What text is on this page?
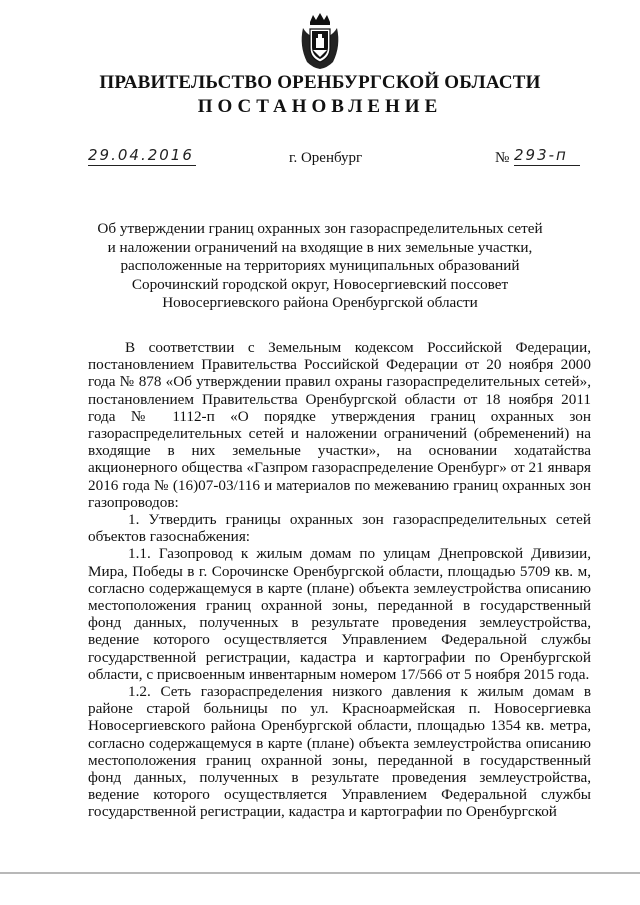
ПРАВИТЕЛЬСТВО ОРЕНБУРГСКОЙ ОБЛАСТИ
ПОСТАНОВЛЕНИЕ
29.04.2016	г. Оренбург	№ 293-п
Об утверждении границ охранных зон газораспределительных сетей
и наложении ограничений на входящие в них земельные участки,
расположенные на территориях муниципальных образований
Сорочинский городской округ, Новосергиевский поссовет
Новосергиевского района Оренбургской области

В соответствии с Земельным кодексом Российской Федерации, постановлением Правительства Российской Федерации от 20 ноября 2000 года № 878 «Об утверждении правил охраны газораспределительных сетей», постановлением Правительства Оренбургской области от 18 ноября 2011 года № 1112-п «О порядке утверждения границ охранных зон газораспределительных сетей и наложении ограничений (обременений) на входящие в них земельные участки», на основании ходатайства акционерного общества «Газпром газораспределение Оренбург» от 21 января 2016 года № (16)07-03/116 и материалов по межеванию границ охранных зон газопроводов:

1. Утвердить границы охранных зон газораспределительных сетей объектов газоснабжения:

1.1. Газопровод к жилым домам по улицам Днепровской Дивизии, Мира, Победы в г. Сорочинске Оренбургской области, площадью 5709 кв. м, согласно содержащемуся в карте (плане) объекта землеустройства описанию местоположения границ охранной зоны, переданной в государственный фонд данных, полученных в результате проведения землеустройства, ведение которого осуществляется Управлением Федеральной службы государственной регистрации, кадастра и картографии по Оренбургской области, с присвоенным инвентарным номером 17/566 от 5 ноября 2015 года.

1.2. Сеть газораспределения низкого давления к жилым домам в районе старой больницы по ул. Красноармейская п. Новосергиевка Новосергиевского района Оренбургской области, площадью 1354 кв. метра, согласно содержащемуся в карте (плане) объекта землеустройства описанию местоположения границ охранной зоны, переданной в государственный фонд данных, полученных в результате проведения землеустройства, ведение которого осуществляется Управлением Федеральной службы государственной регистрации, кадастра и картографии по Оренбургской
